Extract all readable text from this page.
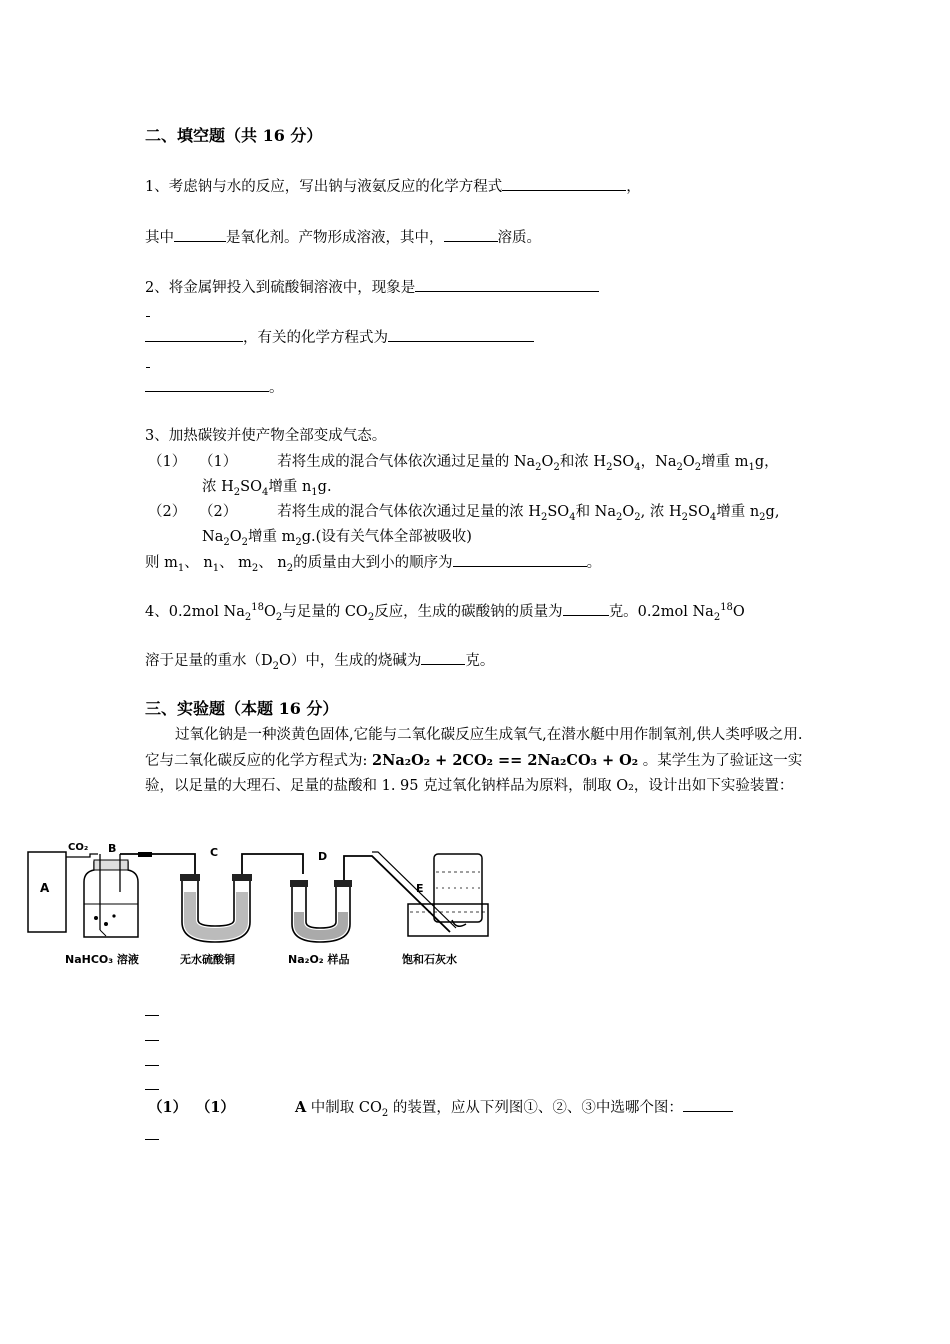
二、填空题（共 16 分）
1、考虑钠与水的反应，写出钠与液氨反应的化学方程式	，
其中	是氧化剂。产物形成溶液，其中，	溶质。
2、将金属钾投入到硫酸铜溶液中，现象是
，有关的化学方程式为
。
3、加热碳铵并使产物全部变成气态。
（1） （1）	若将生成的混合气体依次通过足量的 $Na_2O_2$和浓 $H_2SO_4$，$Na_2O_2$增重 $m_1g$，
浓 $H_2SO_4$增重 $n_1g$.
（2） （2）	若将生成的混合气体依次通过足量的浓 $H_2SO_4$和 $Na_2O_2$, 浓 $H_2SO_4$增重 $n_2g$,
$Na_2O_2$增重 $m_2g$.(设有关气体全部被吸收)
则 $m_1$、 $n_1$、 $m_2$、 $n_2$的质量由大到小的顺序为	。
4、0.2mol $Na_2^{18}O_2$与足量的 $CO_2$反应，生成的碳酸钠的质量为	克。0.2mol $Na_2^{18}O$
溶于足量的重水$(D_2O)$中，生成的烧碱为	克。
三、实验题（本题 16 分）
过氧化钠是一种淡黄色固体,它能与二氧化碳反应生成氧气,在潜水艇中用作制氧剂,供人类呼吸之用.它与二氧化碳反应的化学方程式为: 2Na₂O₂ + 2CO₂ == 2Na₂CO₃ + O₂ 。某学生为了验证这一实验，以足量的大理石、足量的盐酸和 1. 95 克过氧化钠样品为原料，制取 O₂，设计出如下实验装置：
A
CO₂ B	C	D
E
NaHCO₃ 溶液	无水硫酸铜	Na₂O₂ 样品	饱和石灰水
（1） （1）	A 中制取 $CO_2$ 的装置，应从下列图①、②、③中选哪个图：
